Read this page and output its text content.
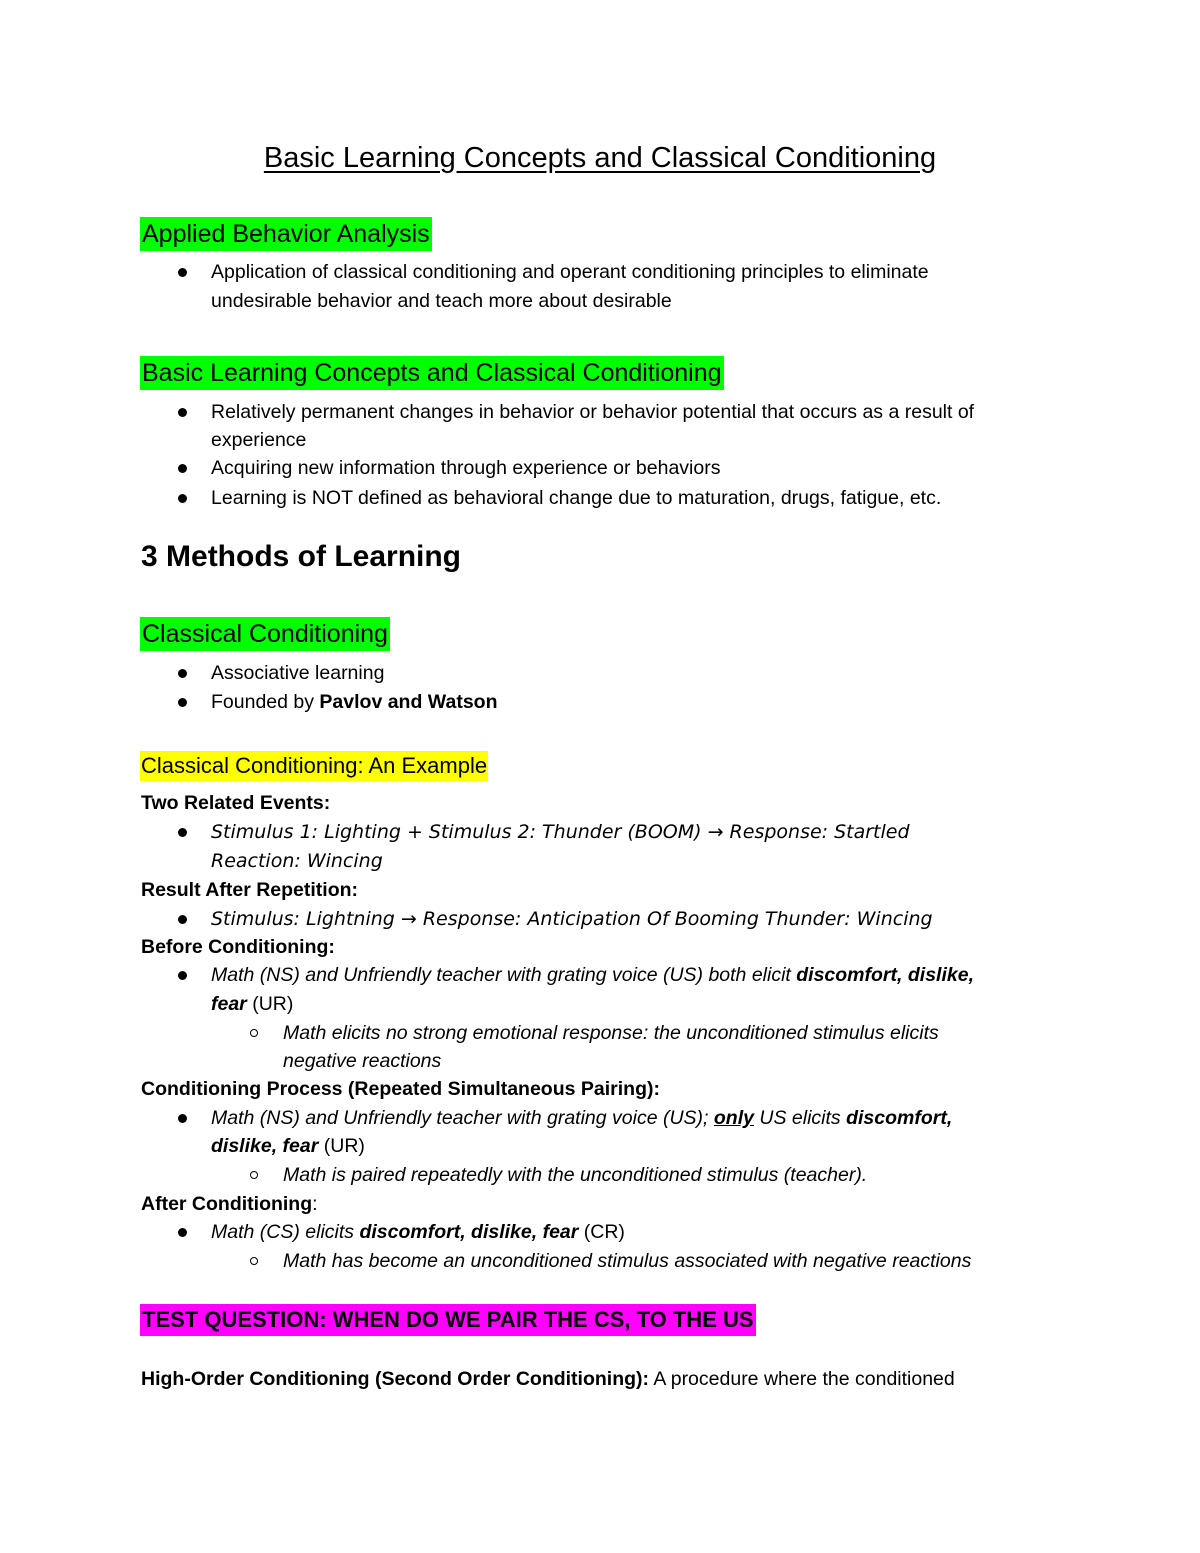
Basic Learning Concepts and Classical Conditioning
Applied Behavior Analysis
Application of classical conditioning and operant conditioning principles to eliminate
undesirable behavior and teach more about desirable
Basic Learning Concepts and Classical Conditioning
Relatively permanent changes in behavior or behavior potential that occurs as a result of
experience
Acquiring new information through experience or behaviors
Learning is NOT defined as behavioral change due to maturation, drugs, fatigue, etc.
3 Methods of Learning
Classical Conditioning
Associative learning
Founded by Pavlov and Watson
Classical Conditioning: An Example
Two Related Events:
Stimulus 1: Lighting + Stimulus 2: Thunder (BOOM) → Response: Startled
Reaction: Wincing
Result After Repetition:
Stimulus: Lightning → Response: Anticipation Of Booming Thunder: Wincing
Before Conditioning:
Math (NS) and Unfriendly teacher with grating voice (US) both elicit discomfort, dislike,
fear (UR)
Math elicits no strong emotional response: the unconditioned stimulus elicits
negative reactions
Conditioning Process (Repeated Simultaneous Pairing):
Math (NS) and Unfriendly teacher with grating voice (US); only US elicits discomfort,
dislike, fear (UR)
Math is paired repeatedly with the unconditioned stimulus (teacher).
After Conditioning:
Math (CS) elicits discomfort, dislike, fear (CR)
Math has become an unconditioned stimulus associated with negative reactions
TEST QUESTION: WHEN DO WE PAIR THE CS, TO THE US
High-Order Conditioning (Second Order Conditioning): A procedure where the conditioned
